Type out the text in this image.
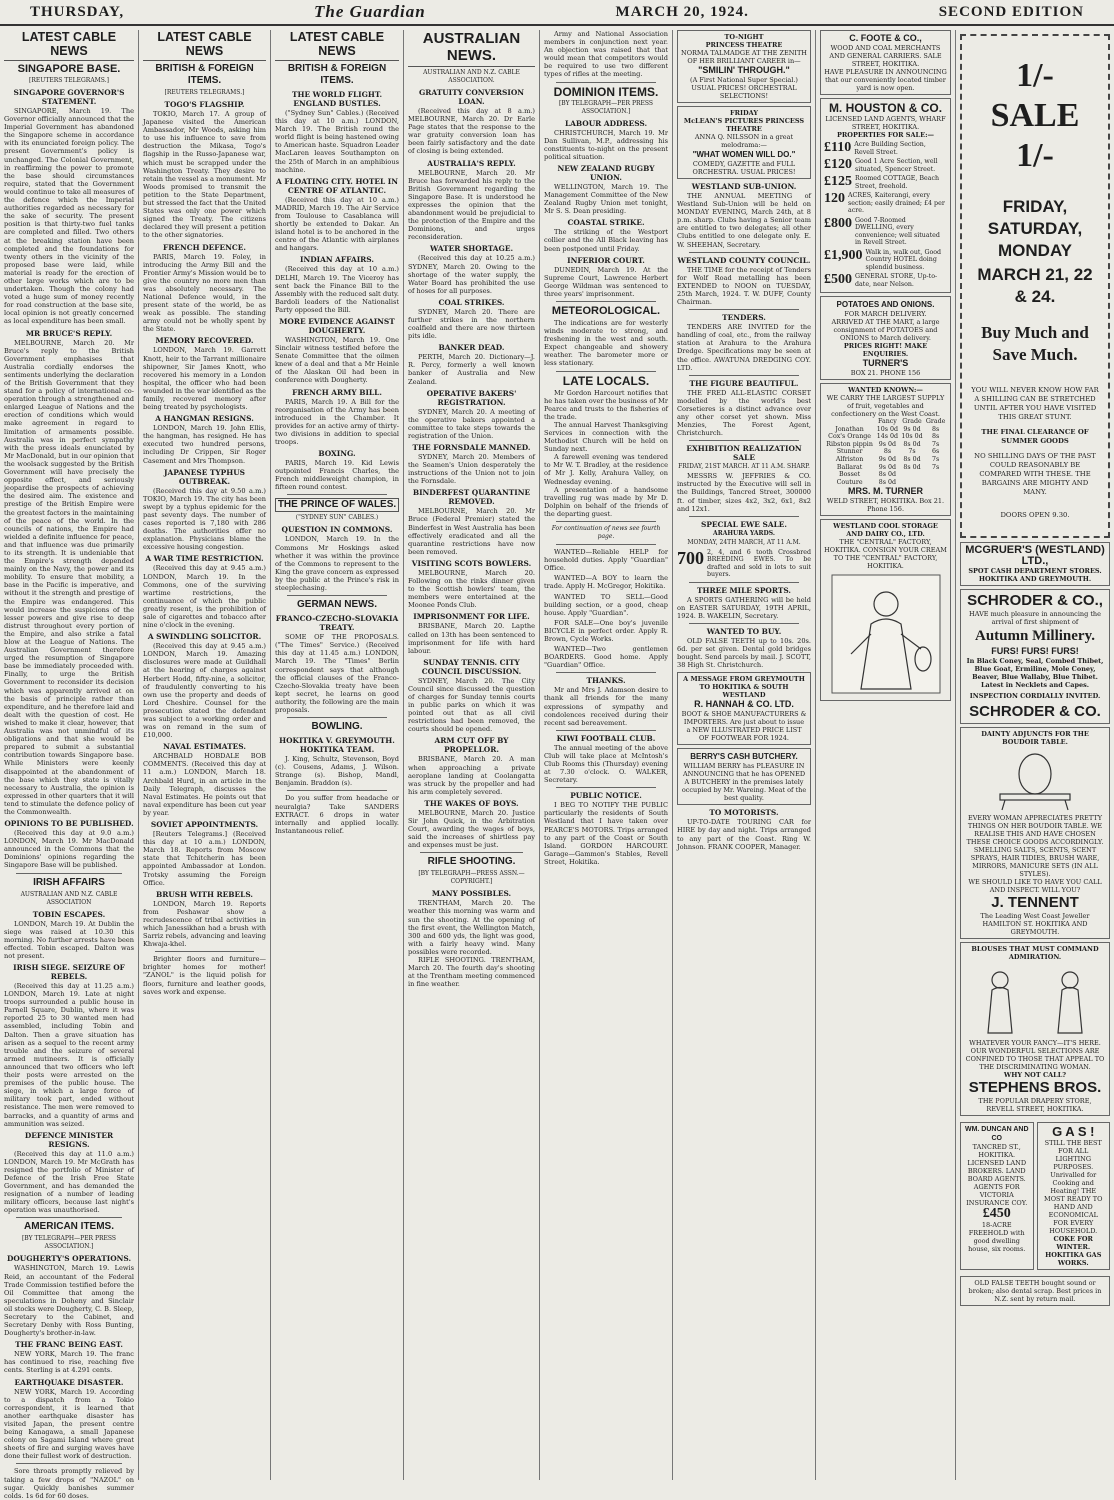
THURSDAY,	The Guardian	MARCH 20, 1924.	SECOND EDITION
LATEST CABLE NEWS
SINGAPORE BASE.
[REUTERS TELEGRAMS.]
SINGAPORE GOVERNOR'S STATEMENT.
SINGAPORE, March 19. The Governor officially announced that the Imperial Government has abandoned the Singapore scheme in accordance with its enunciated foreign policy. The present Government's policy is unchanged. The Colonial Government, in reaffirming the power to promote the base should circumstances require, stated that the Government would continue to take all measures of the defence which the Imperial authorities regarded as necessary for the sake of security. The present position is that thirty-two fuel tanks are completed and filled. Two others at the breaking station have been completed and the foundations for twenty others in the vicinity of the proposed base were laid, while material is ready for the erection of other large works which are to be undertaken. Though the colony had voted a huge sum of money recently for road construction at the base site, local opinion is not greatly concerned as local expenditure has been small.
MR BRUCE'S REPLY.
MELBOURNE, March 20. Mr Bruce's reply to the British Government emphasises that Australia cordially endorses the sentiments underlying the declaration of the British Government that they stand for a policy of international co-operation through a strengthened and enlarged League of Nations and the erection of conditions which would make agreement in regard to limitation of armaments possible. Australia was in perfect sympathy with the press ideals enunciated by Mr MacDonald, but in our opinion that the woolsack suggested by the British Government will have precisely the opposite effect, and seriously jeopardise the prospects of achieving the desired aim. The existence and prestige of the British Empire were the greatest factors in the maintaining of the peace of the world. In the councils of nations, the Empire had wielded a definite influence for peace, and that influence was due primarily to its strength. It is undeniable that the Empire's strength depended mainly on the Navy, the power and its mobility. To ensure that mobility, a base in the Pacific is imperative, and without it the strength and prestige of the Empire was endangered. This would increase the suspicions of the lesser powers and give rise to deep distrust throughout every portion of the Empire, and also strike a fatal blow at the League of Nations. The Australian Government therefore urged the resumption of Singapore base be immediately proceeded with. Finally, to urge the British Government to reconsider its decision which was apparently arrived at on the basis of principle rather than expenditure, and he therefore laid and dealt with the question of cost. He wished to make it clear, however, that Australia was not unmindful of its obligations and that she would be prepared to submit a substantial contribution towards Singapore base. While Ministers were keenly disappointed at the abandonment of the base which they state is vitally necessary to Australia, the opinion is expressed in other quarters that it will tend to stimulate the defence policy of the Commonwealth.
OPINIONS TO BE PUBLISHED.
(Received this day at 9.0 a.m.) LONDON, March 19. Mr MacDonald announced in the Commons that the Dominions' opinions regarding the Singapore Base will be published.
IRISH AFFAIRS
AUSTRALIAN AND N.Z. CABLE ASSOCIATION
TOBIN ESCAPES.
LONDON, March 19. At Dublin the siege was raised at 10.30 this morning. No further arrests have been effected. Tobin escaped. Dalton was not present.
IRISH SIEGE. SEIZURE OF REBELS.
(Received this day at 11.25 a.m.) LONDON, March 19. Late at night troops surrounded a public house in Parnell Square, Dublin, where it was reported 25 to 30 wanted men had assembled, including Tobin and Dalton. Then a grave situation has arisen as a sequel to the recent army trouble and the seizure of several armed mutineers. It is officially announced that two officers who left their posts were arrested on the premises of the public house. The siege, in which a large force of military took part, ended without resistance. The men were removed to barracks, and a quantity of arms and ammunition was seized.
DEFENCE MINISTER RESIGNS.
(Received this day at 11.0 a.m.) LONDON, March 19. Mr McGrath has resigned the portfolio of Minister of Defence of the Irish Free State Government, and has demanded the resignation of a number of leading military officers, because last night's operation was unauthorised.
AMERICAN ITEMS.
[BY TELEGRAPH—PER PRESS ASSOCIATION.]
DOUGHERTY'S OPERATIONS.
WASHINGTON, March 19. Lewis Reid, an accountant of the Federal Trade Commission testified before the Oil Committee that among the speculations in Doheny and Sinclair oil stocks were Dougherty, C. B. Sleep, Secretary to the Cabinet, and Secretary Denby with Ross Bunting, Dougherty's brother-in-law.
THE FRANC BEING EAST.
NEW YORK, March 19. The franc has continued to rise, reaching five cents. Sterling is at 4.291 cents.
EARTHQUAKE DISASTER.
NEW YORK, March 19. According to a dispatch from a Tokio correspondent, it is learned that another earthquake disaster has visited Japan, the present centre being Kanagawa, a small Japanese colony on Sagami Island where great sheets of fire and surging waves have done their fullest work of destruction.
Sore throats promptly relieved by taking a few drops of "NAZOL" on sugar. Quickly banishes summer colds. 1s 6d for 60 doses.
LATEST CABLE NEWS
BRITISH & FOREIGN ITEMS.
[REUTERS TELEGRAMS.]
TOGO'S FLAGSHIP.
TOKIO, March 17. A group of Japanese visited the American Ambassador, Mr Woods, asking him to use his influence to save from destruction the Mikasa, Togo's flagship in the Russo-Japanese war, which must be scrapped under the Washington Treaty. They desire to retain the vessel as a monument. Mr Woods promised to transmit the petition to the State Department, but stressed the fact that the United States was only one power which signed the Treaty. The citizens declared they will present a petition to the other signatories.
FRENCH DEFENCE.
PARIS, March 19. Foley, in introducing the Army Bill and the Frontier Army's Mission would be to give the country no more men than was absolutely necessary. The National Defence would, in the present state of the world, be as weak as possible. The standing army could not be wholly spent by the State.
MEMORY RECOVERED.
LONDON, March 19. Garrett Knott, heir to the Tarrant millionaire shipowner, Sir James Knott, who recovered his memory in a London hospital, the officer who had been wounded in the war identified as the family, recovered memory after being treated by psychologists.
A HANGMAN RESIGNS.
LONDON, March 19. John Ellis, the hangman, has resigned. He has executed two hundred persons, including Dr Crippen, Sir Roger Casement and Mrs Thompson.
JAPANESE TYPHUS OUTBREAK.
(Received this day at 9.50 a.m.) TOKIO, March 19. The city has been swept by a typhus epidemic for the past seventy days. The number of cases reported is 7,180 with 286 deaths. The authorities offer no explanation. Physicians blame the excessive housing congestion.
A WAR TIME RESTRICTION.
(Received this day at 9.45 a.m.) LONDON, March 19. In the Commons, one of the surviving wartime restrictions, the continuance of which the public greatly resent, is the prohibition of sale of cigarettes and tobacco after nine o'clock in the evening.
A SWINDLING SOLICITOR.
(Received this day at 9.45 a.m.) LONDON, March 19. Amazing disclosures were made at Guildhall at the hearing of charges against Herbert Hodd, fifty-nine, a solicitor, of fraudulently converting to his own use the property and deeds of Lord Cheshire. Counsel for the prosecution stated the defendant was subject to a working order and was on remand in the sum of £10,000.
NAVAL ESTIMATES.
ARCHBALD HOBDALE BOB COMMENTS. (Received this day at 11 a.m.) LONDON, March 18. Archbald Hurd, in an article in the Daily Telegraph, discusses the Naval Estimates. He points out that naval expenditure has been cut year by year.
SOVIET APPOINTMENTS.
[Reuters Telegrams.] (Received this day at 10 a.m.) LONDON, March 18. Reports from Moscow state that Tchitcherin has been appointed Ambassador at London. Trotsky assuming the Foreign Office.
BRUSH WITH REBELS.
LONDON, March 19. Reports from Peshawar show a recrudescence of tribal activities in which Janessikhan had a brush with Sarriz rebels, advancing and leaving Khwaja-khel.
Brighter floors and furniture—brighter homes for mother! "ZANOL" is the liquid polish for floors, furniture and leather goods, saves work and expense.
LATEST CABLE NEWS
BRITISH & FOREIGN ITEMS.
THE WORLD FLIGHT. ENGLAND BUSTLES.
("Sydney Sun" Cables.) (Received this day at 10 a.m.) LONDON, March 19. The British round the world flight is being hastened owing to American haste. Squadron Leader MacLaren leaves Southampton on the 25th of March in an amphibious machine.
A FLOATING CITY. HOTEL IN CENTRE OF ATLANTIC.
(Received this day at 10 a.m.) MADRID, March 19. The Air Service from Toulouse to Casablanca will shortly be extended to Dakar. An island hotel is to be anchored in the centre of the Atlantic with airplanes and hangars.
INDIAN AFFAIRS.
(Received this day at 10 a.m.) DELHI, March 19. The Viceroy has sent back the Finance Bill to the Assembly with the reduced salt duty. Bardoli leaders of the Nationalist Party opposed the Bill.
MORE EVIDENCE AGAINST DOUGHERTY.
WASHINGTON, March 19. One Sinclair witness testified before the Senate Committee that the oilmen knew of a deal and that a Mr Heinle of the Alaskan Oil had been in conference with Dougherty.
FRENCH ARMY BILL.
PARIS, March 19. A Bill for the reorganisation of the Army has been introduced in the Chamber. It provides for an active army of thirty-two divisions in addition to special troops.
BOXING.
PARIS, March 19. Kid Lewis outpointed Francis Charles, the French middleweight champion, in fifteen round contest.
THE PRINCE OF WALES.
("SYDNEY SUN" CABLES.)
QUESTION IN COMMONS.
LONDON, March 19. In the Commons Mr Hoskings asked whether it was within the province of the Commons to represent to the King the grave concern as expressed by the public at the Prince's risk in steeplechasing.
GERMAN NEWS.
FRANCO-CZECHO-SLOVAKIA TREATY.
SOME OF THE PROPOSALS. ("The Times" Service.) (Received this day at 11.45 a.m.) LONDON, March 19. The "Times" Berlin correspondent says that although the official clauses of the Franco-Czecho-Slovakia treaty have been kept secret, he learns on good authority, the following are the main proposals.
BOWLING.
HOKITIKA V. GREYMOUTH. HOKITIKA TEAM.
J. King, Schultz, Stevenson, Boyd (c). Cousens, Adams, J. Wilson. Strange (s). Bishop, Mandl, Benjamin. Braddon (s).
Do you suffer from headache or neuralgia? Take SANDERS EXTRACT. 6 drops in water internally and applied locally. Instantaneous relief.
AUSTRALIAN NEWS.
AUSTRALIAN AND N.Z. CABLE ASSOCIATION.
GRATUITY CONVERSION LOAN.
(Received this day at 8 a.m.) MELBOURNE, March 20. Dr Earle Page states that the response to the war gratuity conversion loan has been fairly satisfactory and the date of closing is being extended.
AUSTRALIA'S REPLY.
MELBOURNE, March 20. Mr Bruce has forwarded his reply to the British Government regarding the Singapore Base. It is understood he expresses the opinion that the abandonment would be prejudicial to the protection of the Empire and the Dominions, and urges reconsideration.
WATER SHORTAGE.
(Received this day at 10.25 a.m.) SYDNEY, March 20. Owing to the shortage of the water supply, the Water Board has prohibited the use of hoses for all purposes.
COAL STRIKES.
SYDNEY, March 20. There are further strikes in the northern coalfield and there are now thirteen pits idle.
BANKER DEAD.
PERTH, March 20. Dictionary—J. R. Percy, formerly a well known banker of Australia and New Zealand.
OPERATIVE BAKERS' REGISTRATION.
SYDNEY, March 20. A meeting of the operative bakers appointed a committee to take steps towards the registration of the Union.
THE FORNSDALE MANNED.
SYDNEY, March 20. Members of the Seamen's Union desperately the instructions of the Union not to join the Fornsdale.
BINDERFEST QUARANTINE REMOVED.
MELBOURNE, March 20. Mr Bruce (Federal Premier) stated the Binderfest in West Australia has been effectively eradicated and all the quarantine restrictions have now been removed.
VISITING SCOTS BOWLERS.
MELBOURNE, March 20. Following on the rinks dinner given to the Scottish bowlers' team, the members were entertained at the Moonee Ponds Club.
IMPRISONMENT FOR LIFE.
BRISBANE, March 20. Lapthe called on 13th has been sentenced to imprisonment for life with hard labour.
SUNDAY TENNIS. CITY COUNCIL DISCUSSION.
SYDNEY, March 20. The City Council since discussed the question of charges for Sunday tennis courts in public parks on which it was pointed out that as all civil restrictions had been removed, the courts should be opened.
ARM CUT OFF BY PROPELLOR.
BRISBANE, March 20. A man when approaching a private aeroplane landing at Coolangatta was struck by the propeller and had his arm completely severed.
THE WAKES OF BOYS.
MELBOURNE, March 20. Justice Sir John Quick, in the Arbitration Court, awarding the wages of boys, said the increases of shirtless pay and expenses must be just.
RIFLE SHOOTING.
[BY TELEGRAPH—PRESS ASSN.—COPYRIGHT.]
MANY POSSIBLES.
TRENTHAM, March 20. The weather this morning was warm and sun the shooting. At the opening of the first event, the Wellington Match, 300 and 600 yds, the light was good, with a fairly heavy wind. Many possibles were recorded.
RIFLE SHOOTING. TRENTHAM, March 20. The fourth day's shooting at the Trentham meeting commenced in fine weather.
Army and National Association members in conjunction next year. An objection was raised that that would mean that competitors would be required to use two different types of rifles at the meeting.
DOMINION ITEMS.
[BY TELEGRAPH—PER PRESS ASSOCIATION.]
LABOUR ADDRESS.
CHRISTCHURCH, March 19. Mr Dan Sullivan, M.P., addressing his constituents to-night on the present political situation.
NEW ZEALAND RUGBY UNION.
WELLINGTON, March 19. The Management Committee of the New Zealand Rugby Union met tonight, Mr S. S. Dean presiding.
COASTAL STRIKE.
The striking of the Westport collier and the All Black leaving has been postponed until Friday.
INFERIOR COURT.
DUNEDIN, March 19. At the Supreme Court, Lawrence Herbert George Wildman was sentenced to three years' imprisonment.
METEOROLOGICAL.
The indications are for westerly winds moderate to strong, and freshening in the west and south. Expect changeable and showery weather. The barometer more or less stationary.
LATE LOCALS.
Mr Gordon Harcourt notifies that he has taken over the business of Mr Pearce and trusts to the fisheries of the trade.
The annual Harvest Thanksgiving Services in connection with the Methodist Church will be held on Sunday next.
A farewell evening was tendered to Mr W. T. Bradley, at the residence of Mr J. Kelly, Arahura Valley, on Wednesday evening.
A presentation of a handsome travelling rug was made by Mr D. Dolphin on behalf of the friends of the departing guest.
For continuation of news see fourth page.
WANTED—Reliable HELP for household duties. Apply "Guardian" Office.
WANTED—A BOY to learn the trade. Apply H. McGregor, Hokitika.
WANTED TO SELL—Good building section, or a good, cheap house. Apply "Guardian".
FOR SALE—One boy's juvenile BICYCLE in perfect order. Apply R. Brown, Cycle Works.
WANTED—Two gentlemen BOARDERS. Good home. Apply "Guardian" Office.
THANKS.
Mr and Mrs J. Adamson desire to thank all friends for the many expressions of sympathy and condolences received during their recent sad bereavement.
KIWI FOOTBALL CLUB.
The annual meeting of the above Club will take place at McIntosh's Club Rooms this (Thursday) evening at 7.30 o'clock. O. WALKER, Secretary.
PUBLIC NOTICE.
I BEG TO NOTIFY THE PUBLIC particularly the residents of South Westland that I have taken over PEARCE'S MOTORS. Trips arranged to any part of the Coast or South Island. GORDON HARCOURT. Garage—Gammon's Stables, Revell Street, Hokitika.
TO-NIGHT
PRINCESS THEATRE
NORMA TALMADGE AT THE ZENITH OF HER BRILLIANT CAREER in—
"SMILIN' THROUGH."
(A First National Super Special.) USUAL PRICES! ORCHESTRAL SELECTIONS!
FRIDAY
McLEAN'S PICTURES PRINCESS THEATRE
ANNA Q. NILSSON in a great melodrama:—
"WHAT WOMEN WILL DO."
COMEDY, GAZETTE and FULL ORCHESTRA. USUAL PRICES!
WESTLAND SUB-UNION.
THE ANNUAL MEETING of Westland Sub-Union will be held on MONDAY EVENING, March 24th, at 8 p.m. sharp. Clubs having a Senior team are entitled to two delegates; all other Clubs entitled to one delegate only. E. W. SHEEHAN, Secretary.
WESTLAND COUNTY COUNCIL.
THE TIME for the receipt of Tenders for Wolf Road metalling has been EXTENDED to NOON on TUESDAY, 25th March, 1924. T. W. DUFF, County Chairman.
TENDERS.
TENDERS ARE INVITED for the handling of coal, etc., from the railway station at Arahura to the Arahura Dredge. Specifications may be seen at the office. AWATUNA DREDGING COY. LTD.
THE FIGURE BEAUTIFUL.
THE FRED ALL-ELASTIC CORSET modelled by the world's best Corsetieres is a distinct advance over any other corset yet shown. Miss Menzies, The Forest Agent, Christchurch.
EXHIBITION REALIZATION SALE
FRIDAY, 21ST MARCH. AT 11 A.M. SHARP.
MESSRS W. JEFFRIES & CO. instructed by the Executive will sell in the Buildings, Tancred Street, 300000 ft. of timber, sizes 4x2, 3x2, 6x1, 8x2 and 12x1.
SPECIAL EWE SALE.
ARAHURA YARDS.
MONDAY, 24TH MARCH, AT 11 A.M.
700 2, 4, and 6 tooth Crossbred BREEDING EWES. To be drafted and sold in lots to suit buyers.
THREE MILE SPORTS.
A SPORTS GATHERING will be held on EASTER SATURDAY, 19TH APRIL, 1924. B. WAKELIN, Secretary.
WANTED TO BUY.
OLD FALSE TEETH up to 10s. 20s. 6d. per set given. Dental gold bridges bought. Send parcels by mail. J. SCOTT, 38 High St. Christchurch.
A MESSAGE FROM GREYMOUTH TO HOKITIKA & SOUTH WESTLAND
R. HANNAH & CO. LTD.
BOOT & SHOE MANUFACTURERS & IMPORTERS. Are just about to issue a NEW ILLUSTRATED PRICE LIST OF FOOTWEAR FOR 1924.
BERRY'S CASH BUTCHERY.
WILLIAM BERRY has PLEASURE IN ANNOUNCING that he has OPENED A BUTCHERY in the premises lately occupied by Mr. Wareing. Meat of the best quality.
TO MOTORISTS.
UP-TO-DATE TOURING CAR for HIRE by day and night. Trips arranged to any part of the Coast. Ring W. Johnson. FRANK COOPER, Manager.
C. FOOTE & CO.,
WOOD AND COAL MERCHANTS AND GENERAL CARRIERS. SALE STREET, HOKITIKA.
HAVE PLEASURE IN ANNOUNCING that our conveniently located timber yard is now open.
M. HOUSTON & CO.
LICENSED LAND AGENTS, WHARF STREET, HOKITIKA.
PROPERTIES FOR SALE:—
£110 Acre Building Section, Revell Street.
£120 Good 1 Acre Section, well situated, Spencer Street.
£125 Roomed COTTAGE, Beach Street, freehold.
120 ACRES, Kaiterangi, every section; easily drained; £4 per acre.
£800 Good 7-Roomed DWELLING, every convenience; well situated in Revell Street.
£1,900 Walk in, walk out, Good Country HOTEL doing splendid business.
£500 GENERAL STORE, Up-to-date, near Nelson.
POTATOES AND ONIONS.
FOR MARCH DELIVERY.
ARRIVED AT THE MART, a large consignment of POTATOES and ONIONS to March delivery.
PRICES RIGHT! MAKE ENQUIRIES.
TURNER'S
BOX 21. PHONE 156
WANTED KNOWN:—
WE CARRY THE LARGEST SUPPLY of fruit, vegetables and confectionery on the West Coast.
	Fancy	Grade	Grade
Jonathan	10s 0d	9s 0d	8s
Cox's Orange	14s 0d	10s 0d	8s
Ribston pippin	9s 0d	8s 0d	7s
Stunner	8s	7s	6s
Alfriston	9s 0d	8s 0d	7s
Ballarat	9s 0d	8s 0d	7s
Bosset	8s 0d		
Couture	8s 0d		
MRS. M. TURNER
WELD STREET, HOKITIKA. Box 21. Phone 156.
WESTLAND COOL STORAGE AND DAIRY CO., LTD.
THE "CENTRAL" FACTORY, HOKITIKA. CONSIGN YOUR CREAM TO THE "CENTRAL" FACTORY, HOKITIKA.
1/- SALE 1/-
FRIDAY, SATURDAY, MONDAY
MARCH 21, 22 & 24.
Buy Much and Save Much.
YOU WILL NEVER KNOW HOW FAR A SHILLING CAN BE STRETCHED UNTIL AFTER YOU HAVE VISITED THIS GREAT STUNT.
THE FINAL CLEARANCE OF SUMMER GOODS
NO SHILLING DAYS OF THE PAST COULD REASONABLY BE COMPARED WITH THESE. THE BARGAINS ARE MIGHTY AND MANY.
DOORS OPEN 9.30.
MCGRUER'S (WESTLAND) LTD.,
SPOT CASH DEPARTMENT STORES. HOKITIKA AND GREYMOUTH.
SCHRODER & CO.,
HAVE much pleasure in announcing the arrival of first shipment of
Autumn Millinery.
FURS! FURS! FURS!
In Black Coney, Seal, Combed Thibet, Blue Goat, Ermiline, Mole Coney, Beaver, Blue Wallaby, Blue Thibet. Latest in Necklets and Capes.
INSPECTION CORDIALLY INVITED.
SCHRODER & CO.
DAINTY ADJUNCTS FOR THE BOUDOIR TABLE.
EVERY WOMAN APPRECIATES PRETTY THINGS ON HER BOUDOIR TABLE. WE REALISE THIS AND HAVE CHOSEN THESE CHOICE GOODS ACCORDINGLY.
SMELLING SALTS, SCENTS, SCENT SPRAYS, HAIR TIDIES, BRUSH WARE, MIRRORS, MANICURE SETS (IN ALL STYLES).
WE SHOULD LIKE TO HAVE YOU CALL AND INSPECT. WILL YOU?
J. TENNENT
The Leading West Coast Jeweller HAMILTON ST. HOKITIKA AND GREYMOUTH.
BLOUSES THAT MUST COMMAND ADMIRATION.
WHATEVER YOUR FANCY—IT'S HERE. OUR WONDERFUL SELECTIONS ARE CONFINED TO THOSE THAT APPEAL TO THE DISCRIMINATING WOMAN.
WHY NOT CALL?
STEPHENS BROS.
THE POPULAR DRAPERY STORE, REVELL STREET, HOKITIKA.
WM. DUNCAN AND CO
TANCRED ST., HOKITIKA. LICENSED LAND BROKERS. LAND BOARD AGENTS. AGENTS FOR VICTORIA INSURANCE COY.
£450
18-ACRE FREEHOLD with good dwelling house, six rooms.
G A S !
STILL THE BEST FOR ALL LIGHTING PURPOSES. Unrivalled for Cooking and Heating! THE MOST READY TO HAND AND ECONOMICAL FOR EVERY HOUSEHOLD.
COKE FOR WINTER.
HOKITIKA GAS WORKS.
OLD FALSE TEETH bought sound or broken; also dental scrap. Best prices in N.Z. sent by return mail.
